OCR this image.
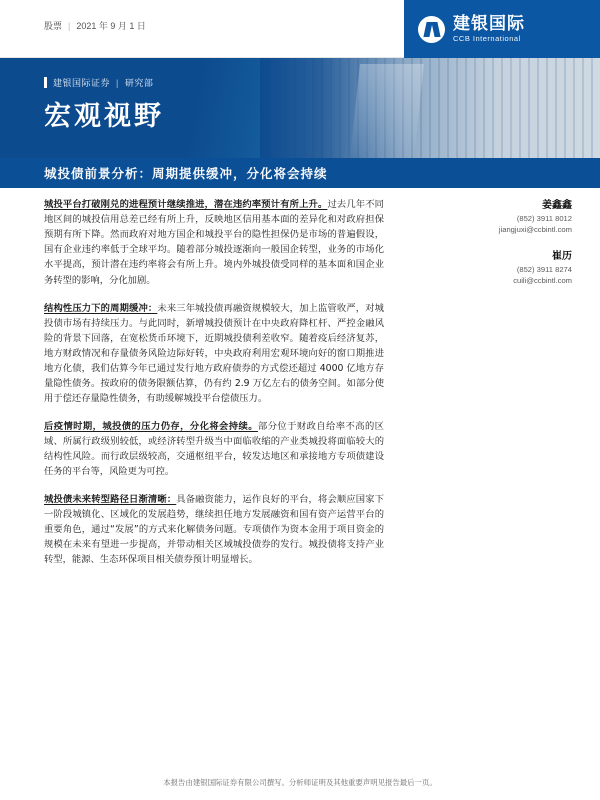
股票 | 2021 年 9 月 1 日	建银国际
CCB International
建银国际证券 | 研究部
宏观视野
城投债前景分析：周期提供缓冲，分化将会持续

城投平台打破刚兑的进程预计继续推进，潜在违约率预计有所上升。过去几年不同地区间的城投信用总差已经有所上升，反映地区信用基本面的差异化和对政府担保预期有所下降。然而政府对地方国企和城投平台的隐性担保仍是市场的普遍假设，国有企业违约率低于全球平均。随着部分城投逐渐向一般国企转型，业务的市场化水平提高，预计潜在违约率将会有所上升。境内外城投债受同样的基本面和国企业务转型的影响，分化加剧。

结构性压力下的周期缓冲：未来三年城投债再融资规模较大，加上监管收严，对城投债市场有持续压力。与此同时，新增城投债预计在中央政府降杠杆、严控金融风险的背景下回落，在宽松货币环境下，近期城投债利差收窄。随着疫后经济复苏，地方财政情况和存量债务风险边际好转，中央政府利用宏观环境向好的窗口期推进地方化债，我们估算今年已通过发行地方政府债券的方式偿还超过 4000 亿地方存量隐性债务。按政府的债务限额估算，仍有约 2.9 万亿左右的债务空间。如部分使用于偿还存量隐性债务，有助缓解城投平台偿债压力。

后疫情时期，城投债的压力仍存，分化将会持续。部分位于财政自给率不高的区域、所属行政级别较低，或经济转型升级当中面临收缩的产业类城投将面临较大的结构性风险。而行政层级较高，交通枢纽平台，较发达地区和承接地方专项债建设任务的平台等，风险更为可控。

城投债未来转型路径日渐清晰：具备融资能力，运作良好的平台，将会顺应国家下一阶段城镇化、区域化的发展趋势，继续担任地方发展融资和国有资产运营平台的重要角色，通过“发展”的方式来化解债务问题。专项债作为资本金用于项目资金的规模在未来有望进一步提高，并带动相关区域城投债券的发行。城投债将支持产业转型，能源、生态环保项目相关债券预计明显增长。

姜鑫鑫
(852) 3911 8012
jiangjuxi@ccbintl.com
崔历
(852) 3911 8274
cuili@ccbintl.com
本报告由建银国际证券有限公司撰写。分析师证明及其他重要声明见报告最后一页。
